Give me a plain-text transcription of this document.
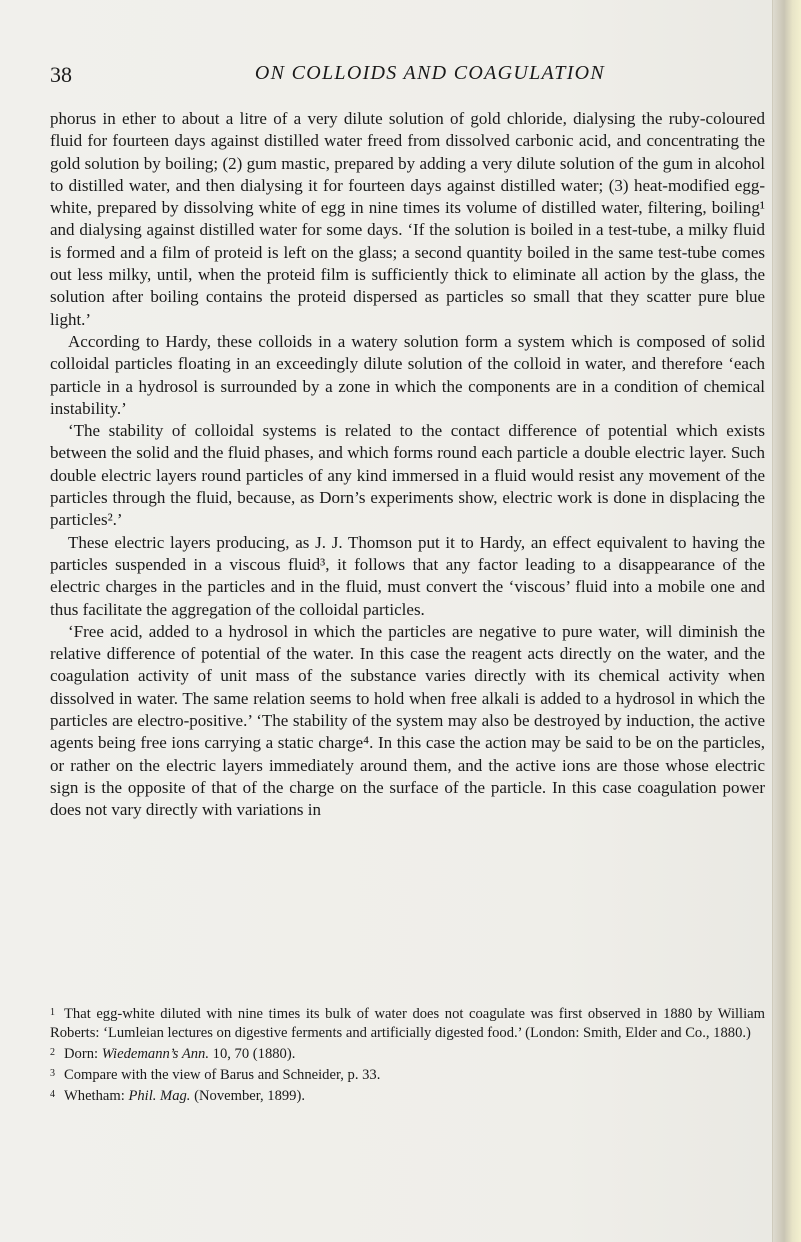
38	ON COLLOIDS AND COAGULATION

phorus in ether to about a litre of a very dilute solution of gold chloride, dialysing the ruby-coloured fluid for fourteen days against distilled water freed from dissolved carbonic acid, and concentrating the gold solution by boiling; (2) gum mastic, prepared by adding a very dilute solution of the gum in alcohol to distilled water, and then dialysing it for fourteen days against distilled water; (3) heat-modified egg-white, prepared by dissolving white of egg in nine times its volume of distilled water, filtering, boiling¹ and dialysing against distilled water for some days. ‘If the solution is boiled in a test-tube, a milky fluid is formed and a film of proteid is left on the glass; a second quantity boiled in the same test-tube comes out less milky, until, when the proteid film is sufficiently thick to eliminate all action by the glass, the solution after boiling contains the proteid dispersed as particles so small that they scatter pure blue light.’

According to Hardy, these colloids in a watery solution form a system which is composed of solid colloidal particles floating in an exceedingly dilute solution of the colloid in water, and therefore ‘each particle in a hydrosol is surrounded by a zone in which the components are in a condition of chemical instability.’

‘The stability of colloidal systems is related to the contact difference of potential which exists between the solid and the fluid phases, and which forms round each particle a double electric layer. Such double electric layers round particles of any kind immersed in a fluid would resist any movement of the particles through the fluid, because, as Dorn’s experiments show, electric work is done in displacing the particles².’

These electric layers producing, as J. J. Thomson put it to Hardy, an effect equivalent to having the particles suspended in a viscous fluid³, it follows that any factor leading to a disappearance of the electric charges in the particles and in the fluid, must convert the ‘viscous’ fluid into a mobile one and thus facilitate the aggregation of the colloidal particles.

‘Free acid, added to a hydrosol in which the particles are negative to pure water, will diminish the relative difference of potential of the water. In this case the reagent acts directly on the water, and the coagulation activity of unit mass of the substance varies directly with its chemical activity when dissolved in water. The same relation seems to hold when free alkali is added to a hydrosol in which the particles are electro-positive.’ ‘The stability of the system may also be destroyed by induction, the active agents being free ions carrying a static charge⁴. In this case the action may be said to be on the particles, or rather on the electric layers immediately around them, and the active ions are those whose electric sign is the opposite of that of the charge on the surface of the particle. In this case coagulation power does not vary directly with variations in

1 That egg-white diluted with nine times its bulk of water does not coagulate was first observed in 1880 by William Roberts: ‘Lumleian lectures on digestive ferments and artificially digested food.’ (London: Smith, Elder and Co., 1880.)

2 Dorn: Wiedemann’s Ann. 10, 70 (1880).

3 Compare with the view of Barus and Schneider, p. 33.

4 Whetham: Phil. Mag. (November, 1899).
